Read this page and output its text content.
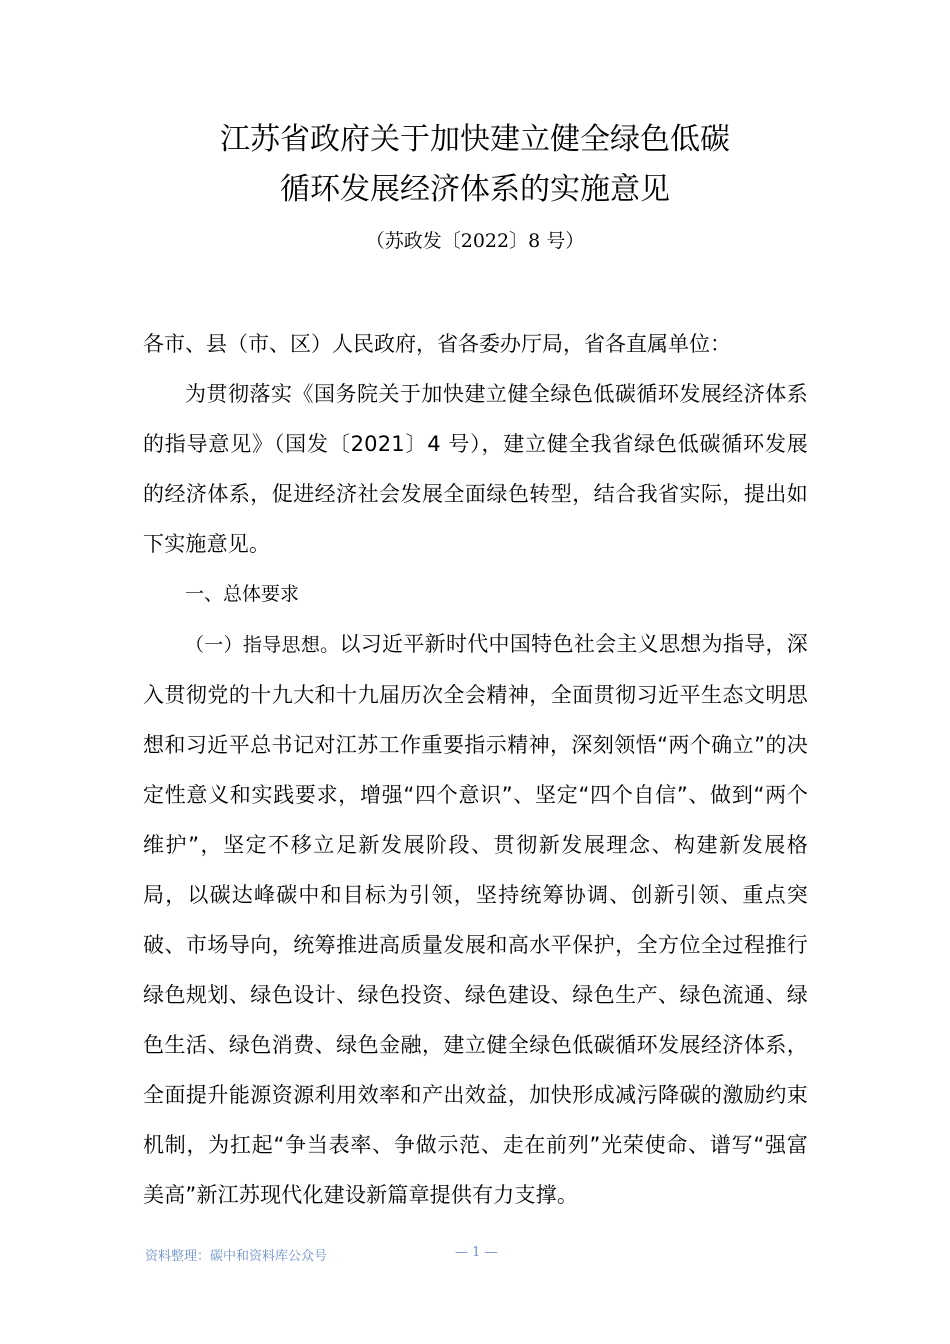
江苏省政府关于加快建立健全绿色低碳
循环发展经济体系的实施意见
（苏政发〔2022〕8 号）

各市、县（市、区）人民政府，省各委办厅局，省各直属单位：

为贯彻落实《国务院关于加快建立健全绿色低碳循环发展经济体系的指导意见》（国发〔2021〕4 号），建立健全我省绿色低碳循环发展的经济体系，促进经济社会发展全面绿色转型，结合我省实际，提出如下实施意见。

一、总体要求

（一）指导思想。以习近平新时代中国特色社会主义思想为指导，深入贯彻党的十九大和十九届历次全会精神，全面贯彻习近平生态文明思想和习近平总书记对江苏工作重要指示精神，深刻领悟“两个确立”的决定性意义和实践要求，增强“四个意识”、坚定“四个自信”、做到“两个维护”，坚定不移立足新发展阶段、贯彻新发展理念、构建新发展格局，以碳达峰碳中和目标为引领，坚持统筹协调、创新引领、重点突破、市场导向，统筹推进高质量发展和高水平保护，全方位全过程推行绿色规划、绿色设计、绿色投资、绿色建设、绿色生产、绿色流通、绿色生活、绿色消费、绿色金融，建立健全绿色低碳循环发展经济体系，全面提升能源资源利用效率和产出效益，加快形成减污降碳的激励约束机制，为扛起“争当表率、争做示范、走在前列”光荣使命、谱写“强富美高”新江苏现代化建设新篇章提供有力支撑。

资料整理：碳中和资料库公众号	— 1 —
